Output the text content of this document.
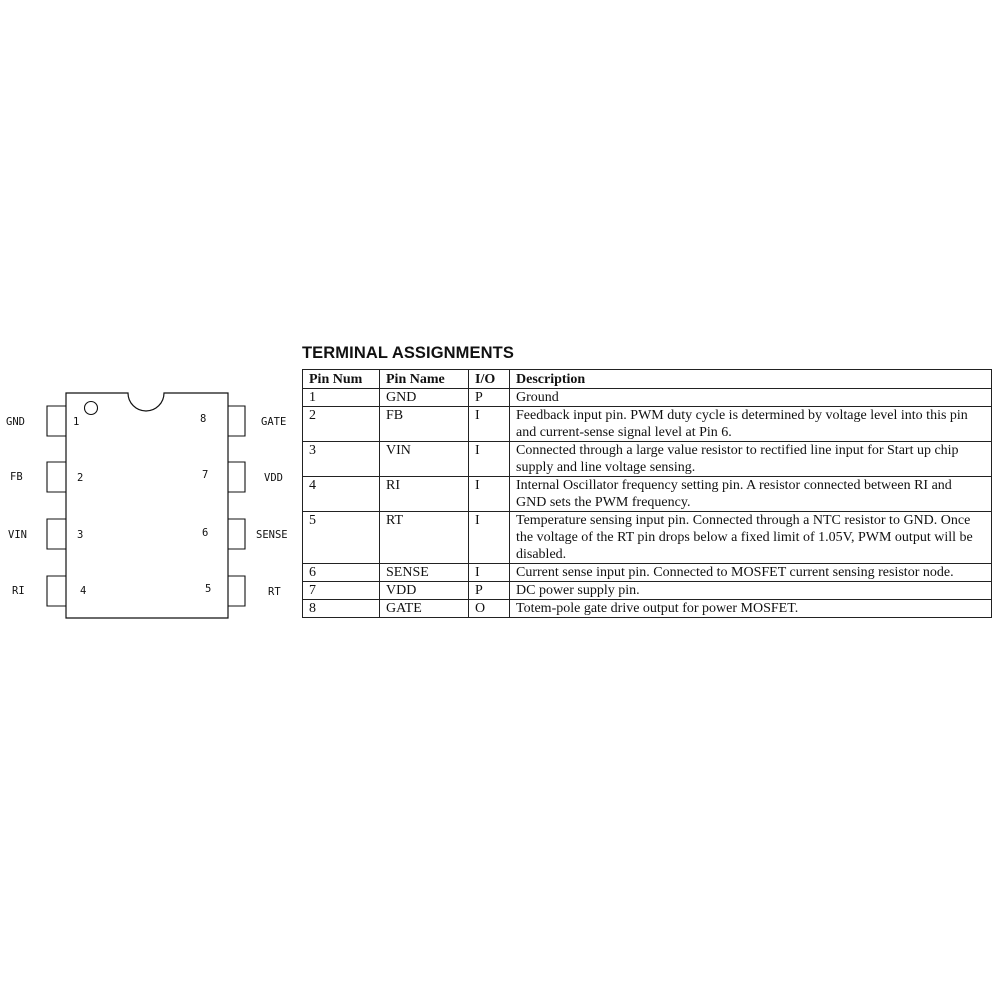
GND
FB
VIN
RI
1
2
3
4
8
7
6
5
GATE
VDD
SENSE
RT
TERMINAL ASSIGNMENTS
Pin Num	Pin Name	I/O	Description
1	GND	P	Ground
2	FB	I	Feedback input pin. PWM duty cycle is determined by voltage level into this pin and current-sense signal level at Pin 6.
3	VIN	I	Connected through a large value resistor to rectified line input for Start up chip supply and line voltage sensing.
4	RI	I	Internal Oscillator frequency setting pin. A resistor connected between RI and GND sets the PWM frequency.
5	RT	I	Temperature sensing input pin. Connected through a NTC resistor to GND. Once the voltage of the RT pin drops below a fixed limit of 1.05V, PWM output will be disabled.
6	SENSE	I	Current sense input pin. Connected to MOSFET current sensing resistor node.
7	VDD	P	DC power supply pin.
8	GATE	O	Totem-pole gate drive output for power MOSFET.
